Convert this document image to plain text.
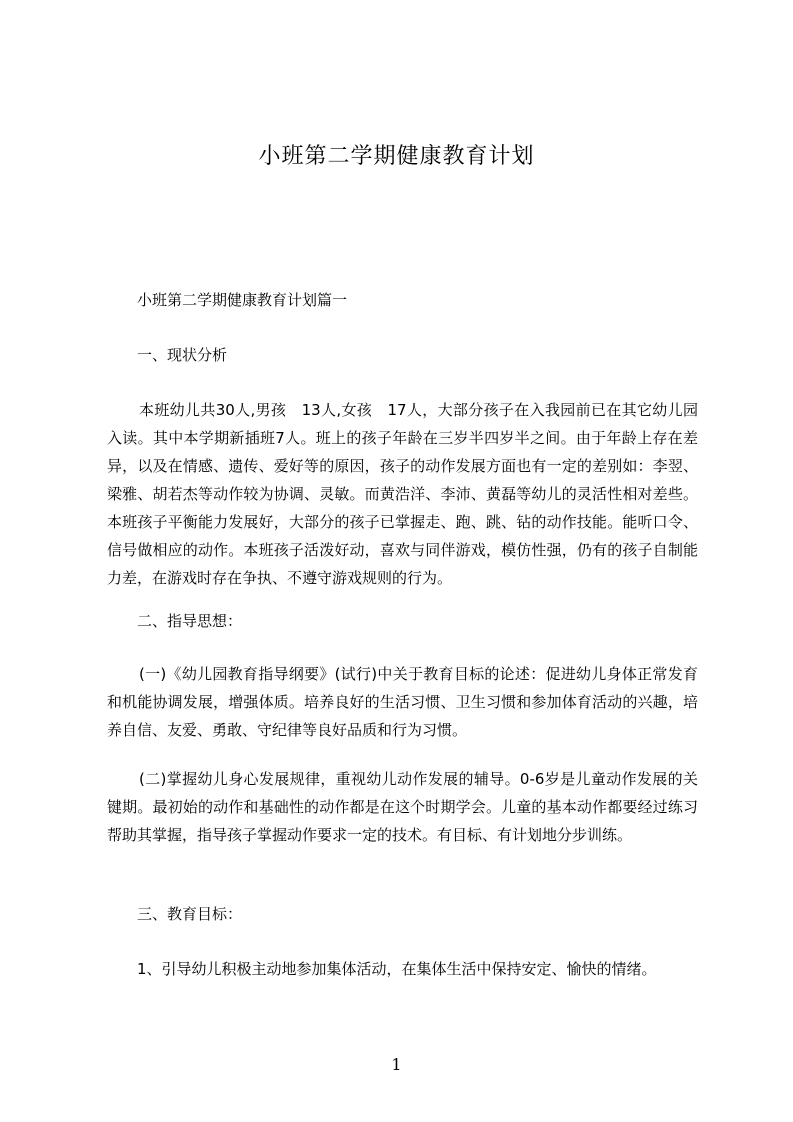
小班第二学期健康教育计划
小班第二学期健康教育计划篇一
一、现状分析

本班幼儿共30人,男孩　13人,女孩　17人，大部分孩子在入我园前已在其它幼儿园入读。其中本学期新插班7人。班上的孩子年龄在三岁半四岁半之间。由于年龄上存在差异，以及在情感、遗传、爱好等的原因，孩子的动作发展方面也有一定的差别如：李翌、梁雅、胡若杰等动作较为协调、灵敏。而黄浩洋、李沛、黄磊等幼儿的灵活性相对差些。本班孩子平衡能力发展好，大部分的孩子已掌握走、跑、跳、钻的动作技能。能听口令、信号做相应的动作。本班孩子活泼好动，喜欢与同伴游戏，模仿性强，仍有的孩子自制能力差，在游戏时存在争执、不遵守游戏规则的行为。

二、指导思想：

(一)《幼儿园教育指导纲要》(试行)中关于教育目标的论述：促进幼儿身体正常发育和机能协调发展，增强体质。培养良好的生活习惯、卫生习惯和参加体育活动的兴趣，培养自信、友爱、勇敢、守纪律等良好品质和行为习惯。

(二)掌握幼儿身心发展规律，重视幼儿动作发展的辅导。0-6岁是儿童动作发展的关键期。最初始的动作和基础性的动作都是在这个时期学会。儿童的基本动作都要经过练习帮助其掌握，指导孩子掌握动作要求一定的技术。有目标、有计划地分步训练。

三、教育目标：
1、引导幼儿积极主动地参加集体活动，在集体生活中保持安定、愉快的情绪。
1
